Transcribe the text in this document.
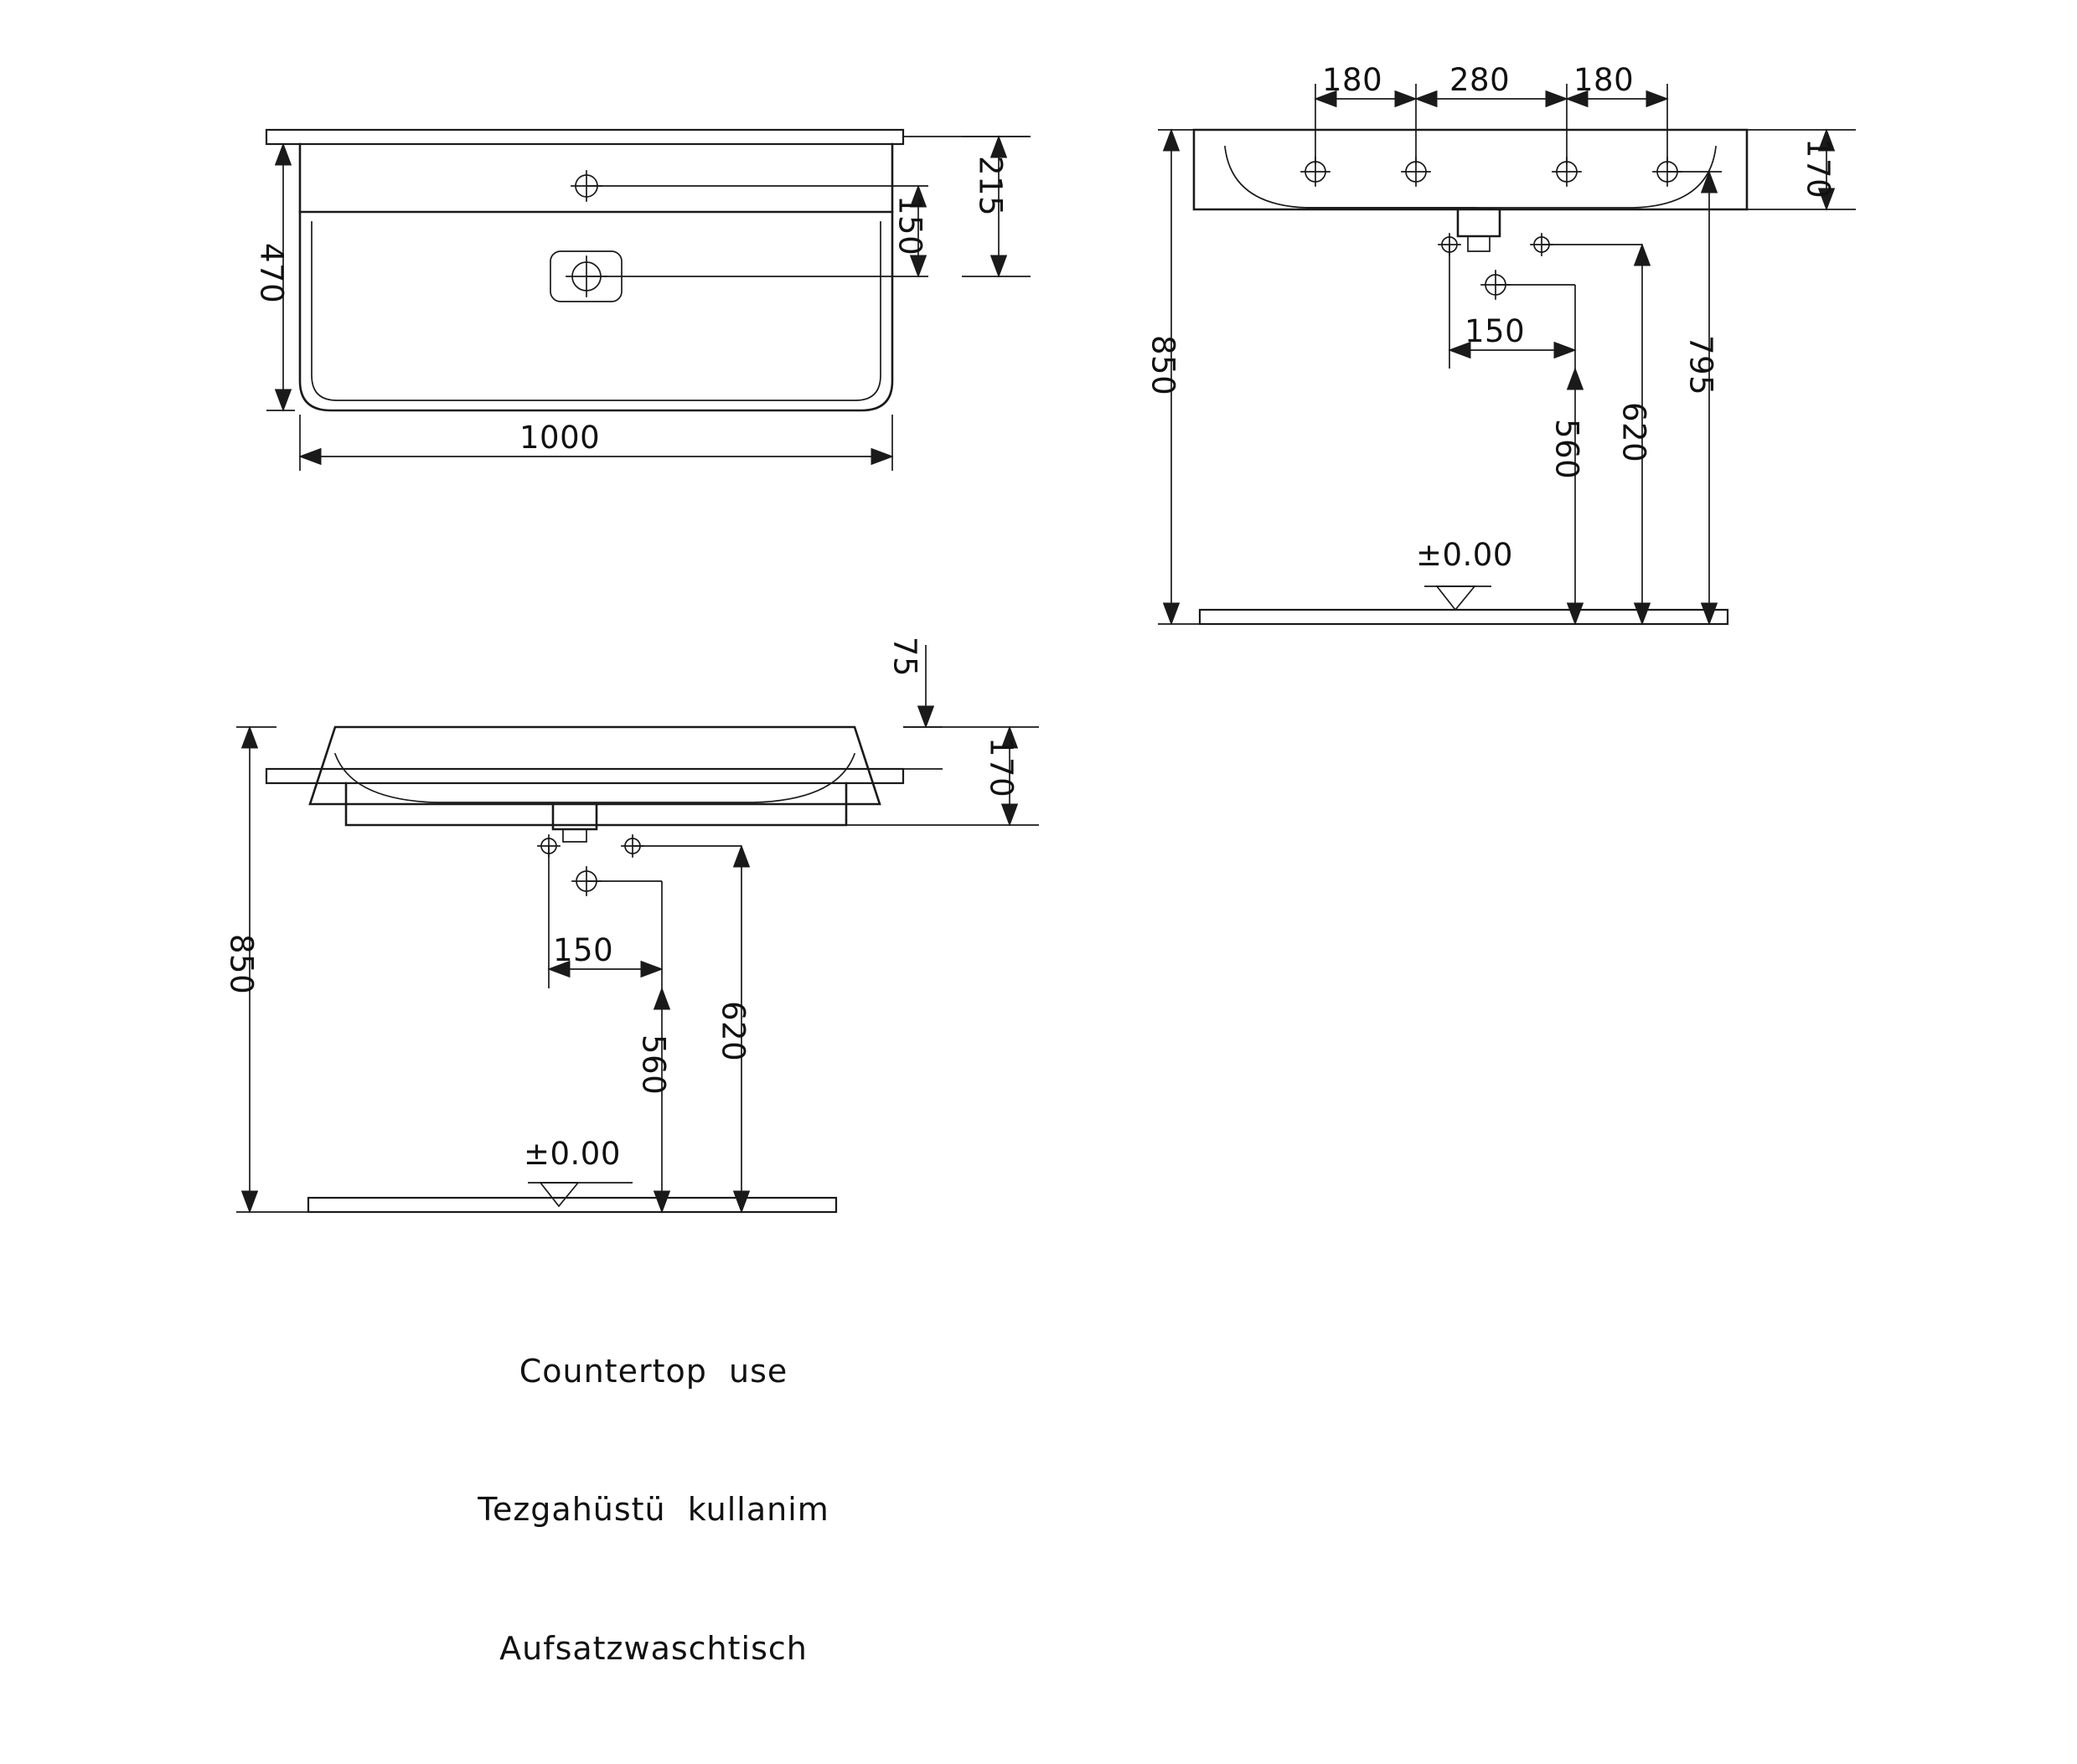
150
215
470
1000
180 280 180
170
850
150
560 620
795
±0.00
75
170
850	150
560
620
±0.00

Countertop  use

Tezgahüstü  kullanim

Aufsatzwaschtisch
